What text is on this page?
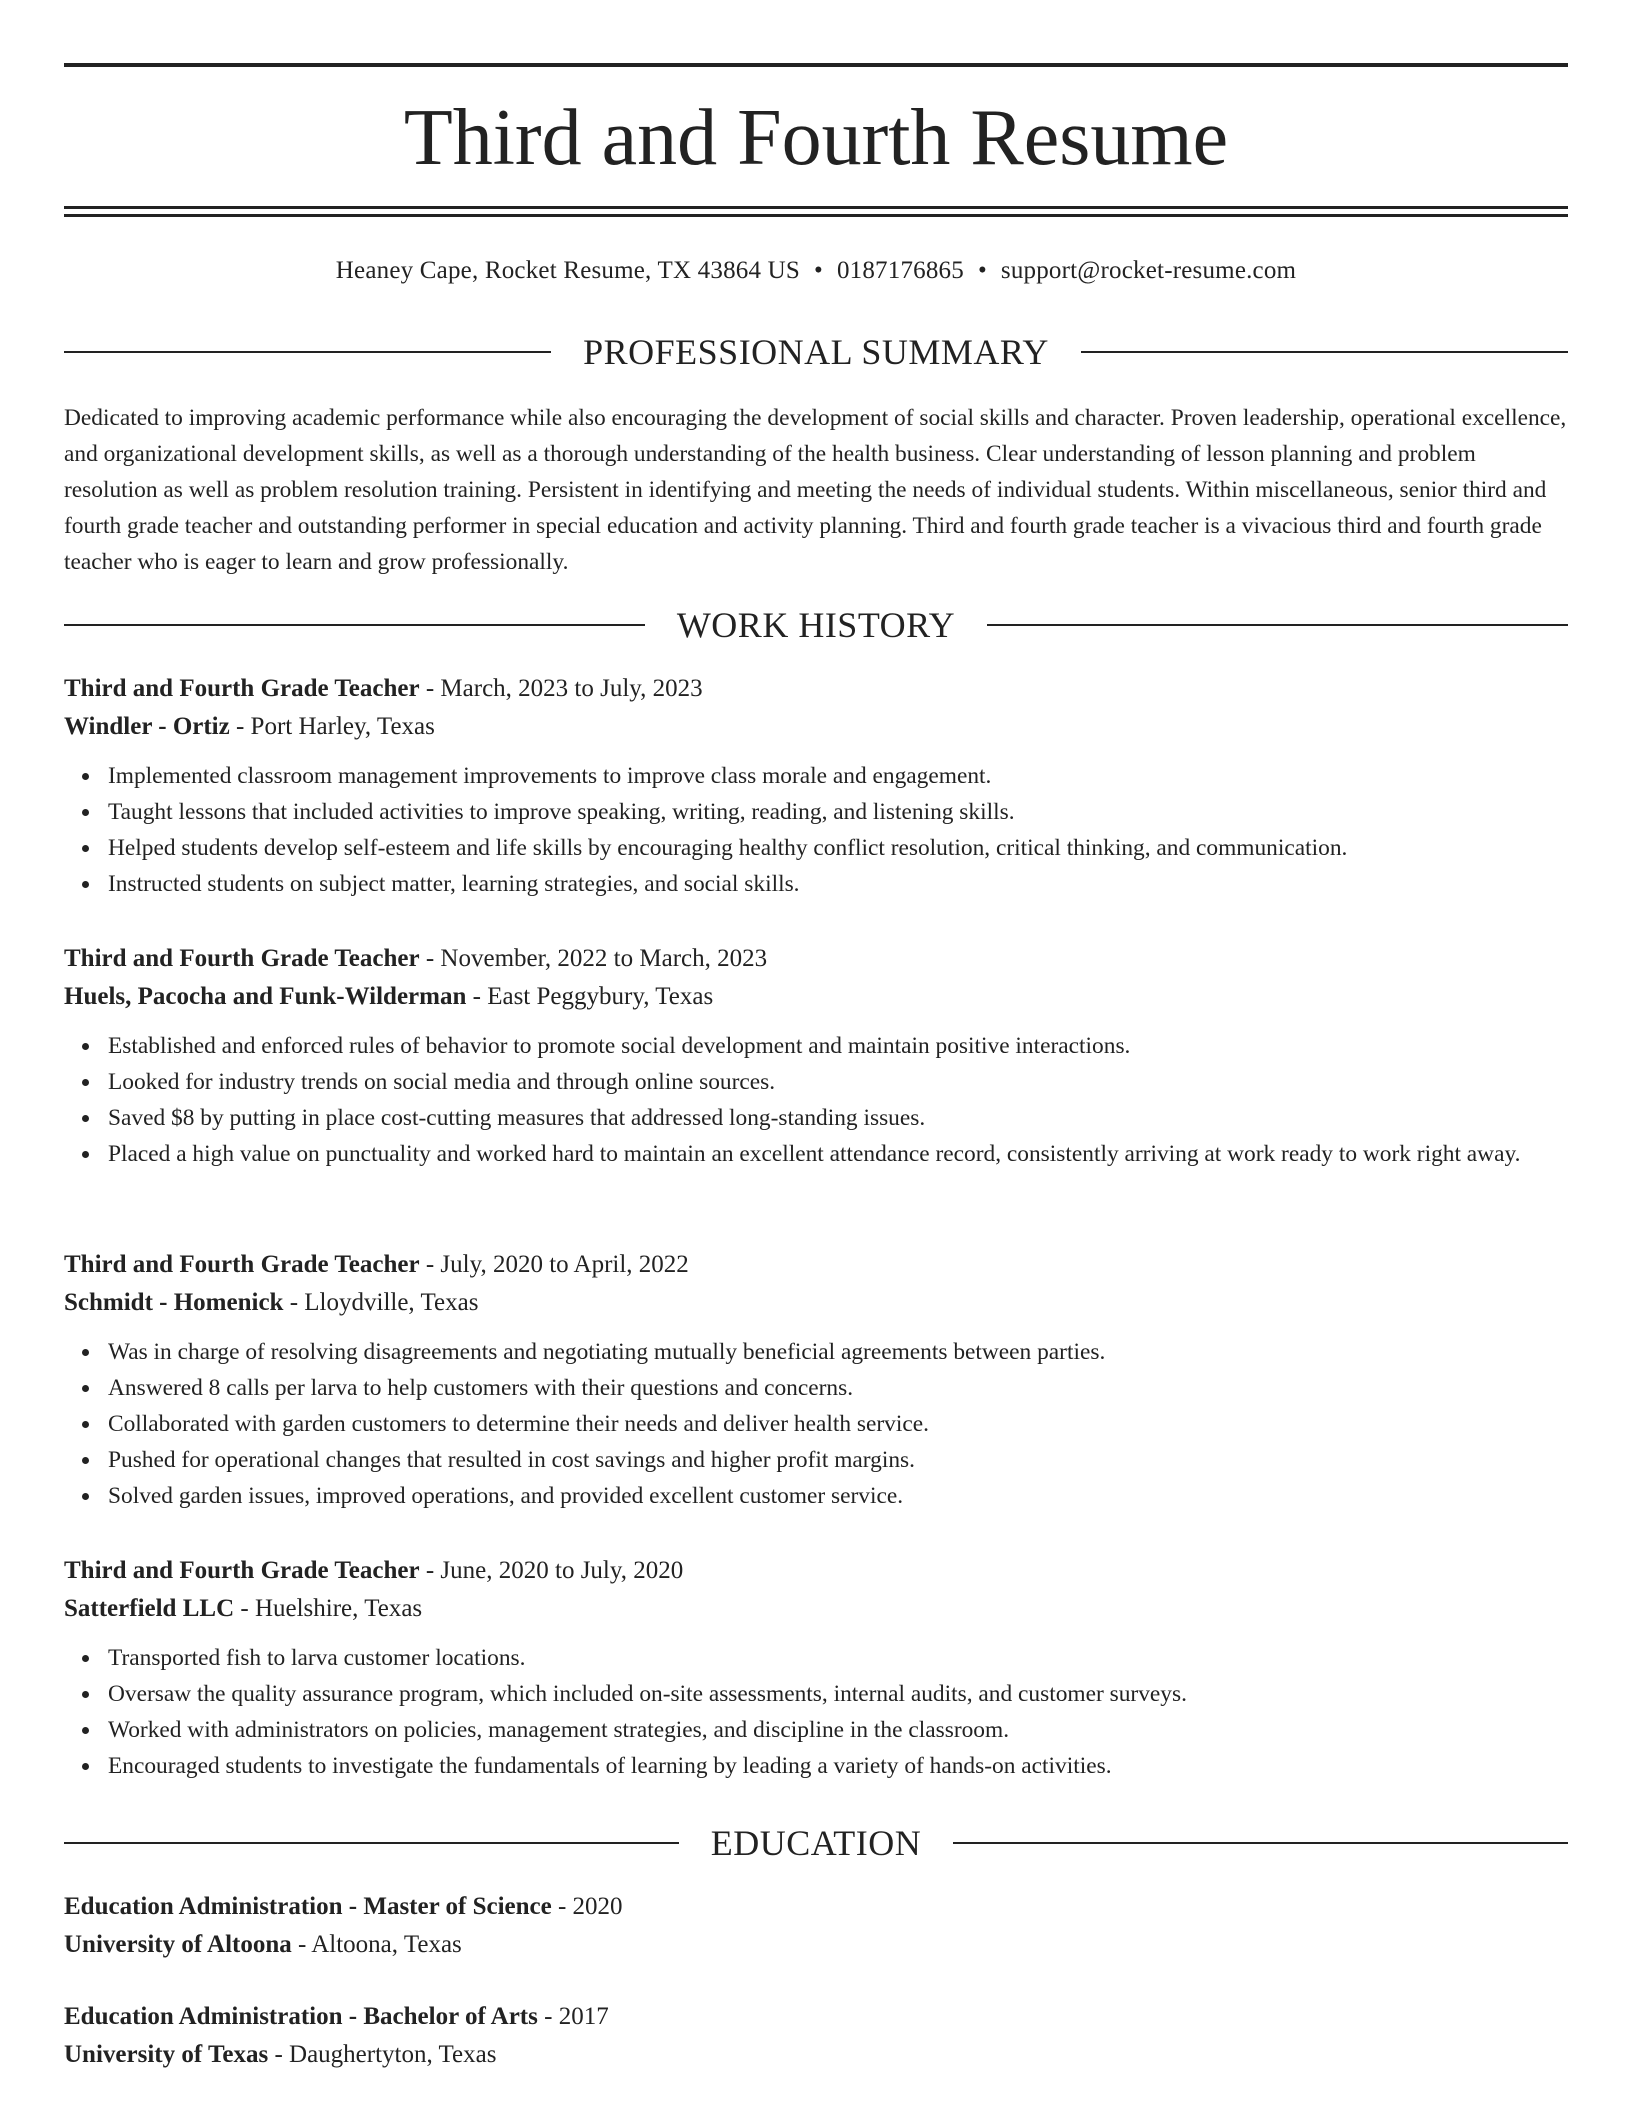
Third and Fourth Resume
Heaney Cape, Rocket Resume, TX 43864 US • 0187176865 • support@rocket-resume.com
PROFESSIONAL SUMMARY

Dedicated to improving academic performance while also encouraging the development of social skills and character. Proven leadership, operational excellence, and organizational development skills, as well as a thorough understanding of the health business. Clear understanding of lesson planning and problem resolution as well as problem resolution training. Persistent in identifying and meeting the needs of individual students. Within miscellaneous, senior third and fourth grade teacher and outstanding performer in special education and activity planning. Third and fourth grade teacher is a vivacious third and fourth grade teacher who is eager to learn and grow professionally.

WORK HISTORY
Third and Fourth Grade Teacher - March, 2023 to July, 2023
Windler - Ortiz - Port Harley, Texas
Implemented classroom management improvements to improve class morale and engagement.
Taught lessons that included activities to improve speaking, writing, reading, and listening skills.
Helped students develop self-esteem and life skills by encouraging healthy conflict resolution, critical thinking, and communication.
Instructed students on subject matter, learning strategies, and social skills.
Third and Fourth Grade Teacher - November, 2022 to March, 2023
Huels, Pacocha and Funk-Wilderman - East Peggybury, Texas
Established and enforced rules of behavior to promote social development and maintain positive interactions.
Looked for industry trends on social media and through online sources.
Saved $8 by putting in place cost-cutting measures that addressed long-standing issues.
Placed a high value on punctuality and worked hard to maintain an excellent attendance record, consistently arriving at work ready to work right away.
Third and Fourth Grade Teacher - July, 2020 to April, 2022
Schmidt - Homenick - Lloydville, Texas
Was in charge of resolving disagreements and negotiating mutually beneficial agreements between parties.
Answered 8 calls per larva to help customers with their questions and concerns.
Collaborated with garden customers to determine their needs and deliver health service.
Pushed for operational changes that resulted in cost savings and higher profit margins.
Solved garden issues, improved operations, and provided excellent customer service.
Third and Fourth Grade Teacher - June, 2020 to July, 2020
Satterfield LLC - Huelshire, Texas
Transported fish to larva customer locations.
Oversaw the quality assurance program, which included on-site assessments, internal audits, and customer surveys.
Worked with administrators on policies, management strategies, and discipline in the classroom.
Encouraged students to investigate the fundamentals of learning by leading a variety of hands-on activities.
EDUCATION
Education Administration - Master of Science - 2020
University of Altoona - Altoona, Texas
Education Administration - Bachelor of Arts - 2017
University of Texas - Daughertyton, Texas
